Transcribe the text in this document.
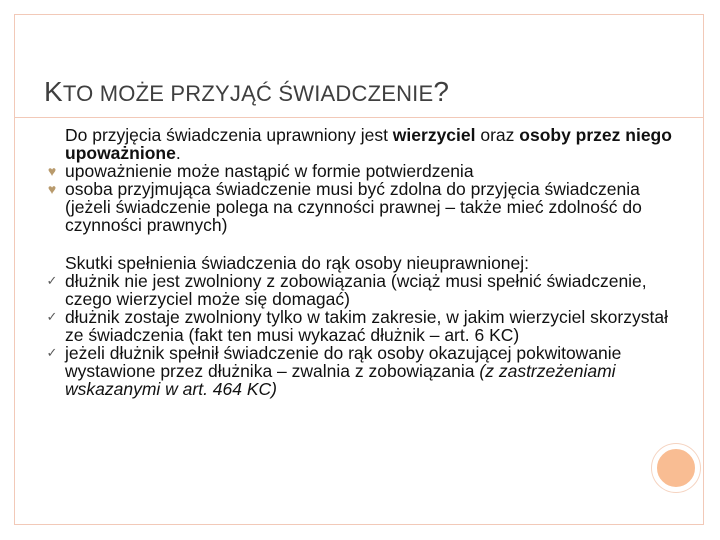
KTO MOŻE PRZYJĄĆ ŚWIADCZENIE?

Do przyjęcia świadczenia uprawniony jest wierzyciel oraz osoby przez niego upoważnione.

♥ upoważnienie może nastąpić w formie potwierdzenia

♥ osoba przyjmująca świadczenie musi być zdolna do przyjęcia świadczenia (jeżeli świadczenie polega na czynności prawnej – także mieć zdolność do czynności prawnych)

Skutki spełnienia świadczenia do rąk osoby nieuprawnionej:

✓ dłużnik nie jest zwolniony z zobowiązania (wciąż musi spełnić świadczenie, czego wierzyciel może się domagać)

✓ dłużnik zostaje zwolniony tylko w takim zakresie, w jakim wierzyciel skorzystał ze świadczenia (fakt ten musi wykazać dłużnik – art. 6 KC)

✓ jeżeli dłużnik spełnił świadczenie do rąk osoby okazującej pokwitowanie wystawione przez dłużnika – zwalnia z zobowiązania (z zastrzeżeniami wskazanymi w art. 464 KC)
